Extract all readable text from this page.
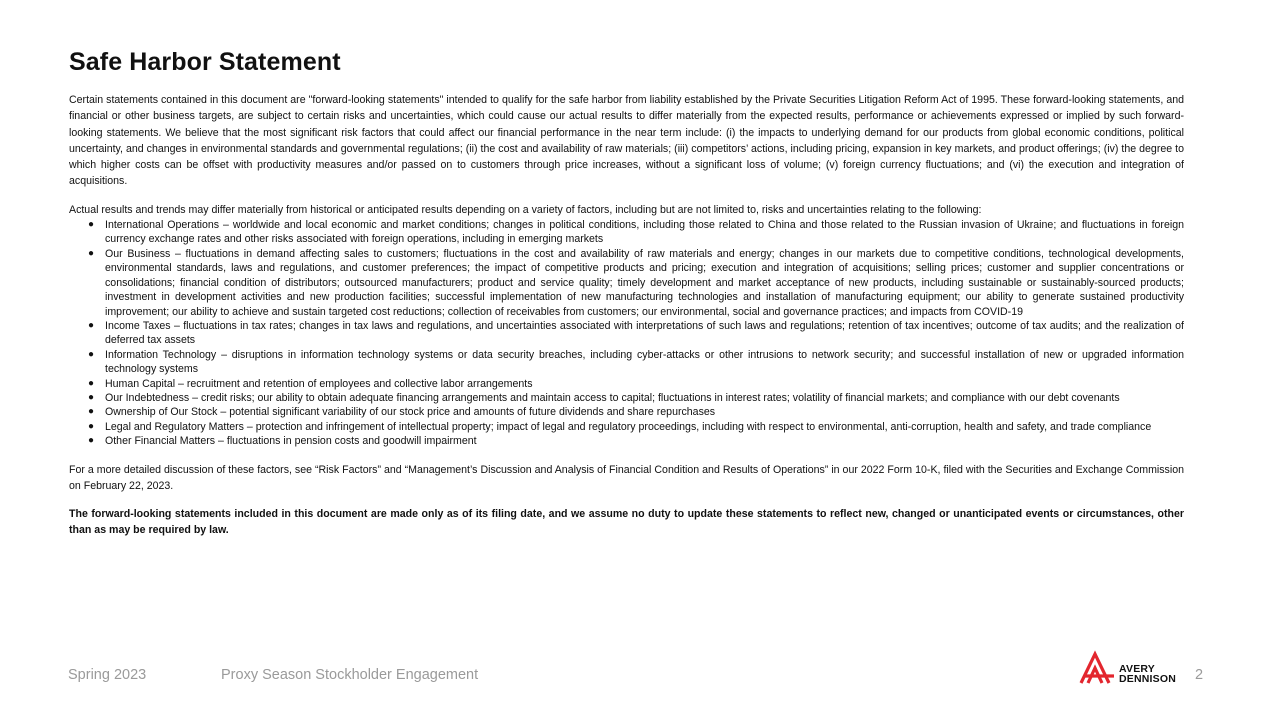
Safe Harbor Statement

Certain statements contained in this document are "forward-looking statements" intended to qualify for the safe harbor from liability established by the Private Securities Litigation Reform Act of 1995. These forward-looking statements, and financial or other business targets, are subject to certain risks and uncertainties, which could cause our actual results to differ materially from the expected results, performance or achievements expressed or implied by such forward-looking statements. We believe that the most significant risk factors that could affect our financial performance in the near term include: (i) the impacts to underlying demand for our products from global economic conditions, political uncertainty, and changes in environmental standards and governmental regulations; (ii) the cost and availability of raw materials; (iii) competitors’ actions, including pricing, expansion in key markets, and product offerings; (iv) the degree to which higher costs can be offset with productivity measures and/or passed on to customers through price increases, without a significant loss of volume; (v) foreign currency fluctuations; and (vi) the execution and integration of acquisitions.

Actual results and trends may differ materially from historical or anticipated results depending on a variety of factors, including but are not limited to, risks and uncertainties relating to the following:

● International Operations – worldwide and local economic and market conditions; changes in political conditions, including those related to China and those related to the Russian invasion of Ukraine; and fluctuations in foreign currency exchange rates and other risks associated with foreign operations, including in emerging markets
● Our Business – fluctuations in demand affecting sales to customers; fluctuations in the cost and availability of raw materials and energy; changes in our markets due to competitive conditions, technological developments, environmental standards, laws and regulations, and customer preferences; the impact of competitive products and pricing; execution and integration of acquisitions; selling prices; customer and supplier concentrations or consolidations; financial condition of distributors; outsourced manufacturers; product and service quality; timely development and market acceptance of new products, including sustainable or sustainably-sourced products; investment in development activities and new production facilities; successful implementation of new manufacturing technologies and installation of manufacturing equipment; our ability to generate sustained productivity improvement; our ability to achieve and sustain targeted cost reductions; collection of receivables from customers; our environmental, social and governance practices; and impacts from COVID-19
● Income Taxes – fluctuations in tax rates; changes in tax laws and regulations, and uncertainties associated with interpretations of such laws and regulations; retention of tax incentives; outcome of tax audits; and the realization of deferred tax assets
● Information Technology – disruptions in information technology systems or data security breaches, including cyber-attacks or other intrusions to network security; and successful installation of new or upgraded information technology systems
● Human Capital – recruitment and retention of employees and collective labor arrangements
● Our Indebtedness – credit risks; our ability to obtain adequate financing arrangements and maintain access to capital; fluctuations in interest rates; volatility of financial markets; and compliance with our debt covenants
● Ownership of Our Stock – potential significant variability of our stock price and amounts of future dividends and share repurchases
● Legal and Regulatory Matters – protection and infringement of intellectual property; impact of legal and regulatory proceedings, including with respect to environmental, anti-corruption, health and safety, and trade compliance
● Other Financial Matters – fluctuations in pension costs and goodwill impairment

For a more detailed discussion of these factors, see “Risk Factors” and “Management’s Discussion and Analysis of Financial Condition and Results of Operations” in our 2022 Form 10-K, filed with the Securities and Exchange Commission on February 22, 2023.

The forward-looking statements included in this document are made only as of its filing date, and we assume no duty to update these statements to reflect new, changed or unanticipated events or circumstances, other than as may be required by law.

Spring 2023	Proxy Season Stockholder Engagement	AVERY
DENNISON 2
